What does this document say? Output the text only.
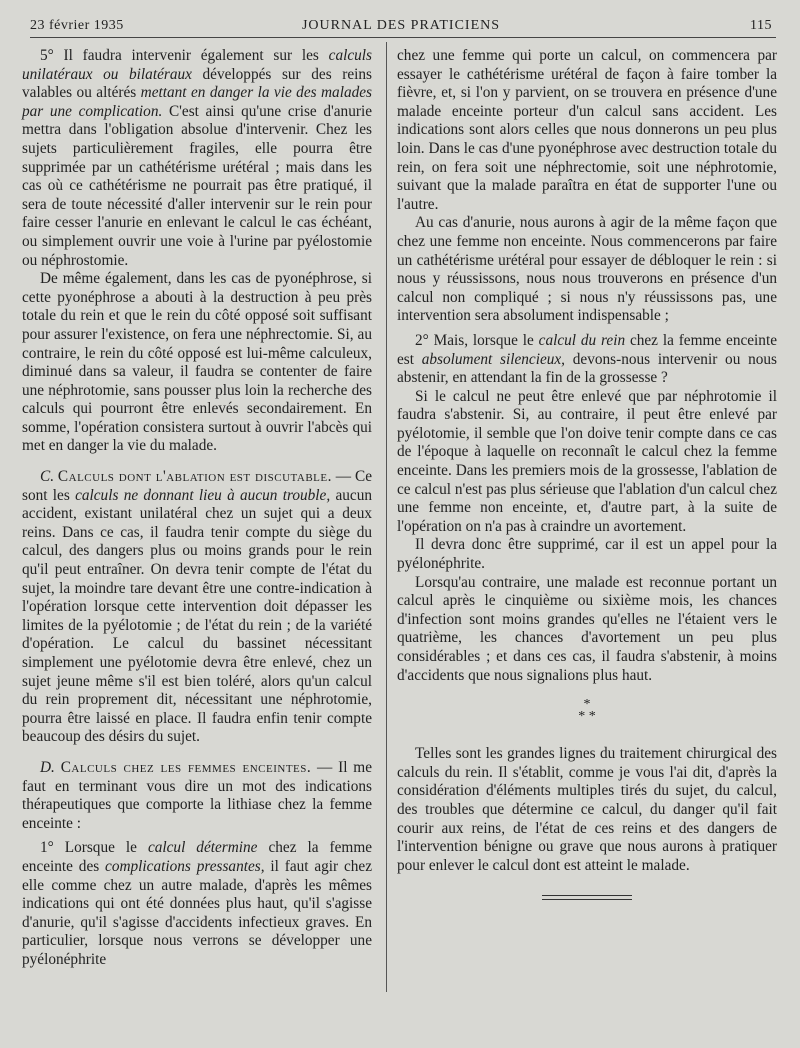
23 février 1935	JOURNAL DES PRATICIENS	115

5° Il faudra intervenir également sur les calculs unilatéraux ou bilatéraux développés sur des reins valables ou altérés mettant en danger la vie des malades par une complication. C'est ainsi qu'une crise d'anurie mettra dans l'obligation absolue d'intervenir. Chez les sujets particulièrement fragiles, elle pourra être supprimée par un cathétérisme urétéral ; mais dans les cas où ce cathétérisme ne pourrait pas être pratiqué, il sera de toute nécessité d'aller intervenir sur le rein pour faire cesser l'anurie en enlevant le calcul le cas échéant, ou simplement ouvrir une voie à l'urine par pyélostomie ou néphrostomie.

De même également, dans les cas de pyonéphrose, si cette pyonéphrose a abouti à la destruction à peu près totale du rein et que le rein du côté opposé soit suffisant pour assurer l'existence, on fera une néphrectomie. Si, au contraire, le rein du côté opposé est lui-même calculeux, diminué dans sa valeur, il faudra se contenter de faire une néphrotomie, sans pousser plus loin la recherche des calculs qui pourront être enlevés secondairement. En somme, l'opération consistera surtout à ouvrir l'abcès qui met en danger la vie du malade.

C. Calculs dont l'ablation est discutable. — Ce sont les calculs ne donnant lieu à aucun trouble, aucun accident, existant unilatéral chez un sujet qui a deux reins. Dans ce cas, il faudra tenir compte du siège du calcul, des dangers plus ou moins grands pour le rein qu'il peut entraîner. On devra tenir compte de l'état du sujet, la moindre tare devant être une contre-indication à l'opération lorsque cette intervention doit dépasser les limites de la pyélotomie ; de l'état du rein ; de la variété d'opération. Le calcul du bassinet nécessitant simplement une pyélotomie devra être enlevé, chez un sujet jeune même s'il est bien toléré, alors qu'un calcul du rein proprement dit, nécessitant une néphrotomie, pourra être laissé en place. Il faudra enfin tenir compte beaucoup des désirs du sujet.

D. Calculs chez les femmes enceintes. — Il me faut en terminant vous dire un mot des indications thérapeutiques que comporte la lithiase chez la femme enceinte :

1° Lorsque le calcul détermine chez la femme enceinte des complications pressantes, il faut agir chez elle comme chez un autre malade, d'après les mêmes indications qui ont été données plus haut, qu'il s'agisse d'anurie, qu'il s'agisse d'accidents infectieux graves. En particulier, lorsque nous verrons se développer une pyélonéphrite

chez une femme qui porte un calcul, on commencera par essayer le cathétérisme urétéral de façon à faire tomber la fièvre, et, si l'on y parvient, on se trouvera en présence d'une malade enceinte porteur d'un calcul sans accident. Les indications sont alors celles que nous donnerons un peu plus loin. Dans le cas d'une pyonéphrose avec destruction totale du rein, on fera soit une néphrectomie, soit une néphrotomie, suivant que la malade paraîtra en état de supporter l'une ou l'autre.

Au cas d'anurie, nous aurons à agir de la même façon que chez une femme non enceinte. Nous commencerons par faire un cathétérisme urétéral pour essayer de débloquer le rein : si nous y réussissons, nous nous trouverons en présence d'un calcul non compliqué ; si nous n'y réussissons pas, une intervention sera absolument indispensable ;

2° Mais, lorsque le calcul du rein chez la femme enceinte est absolument silencieux, devons-nous intervenir ou nous abstenir, en attendant la fin de la grossesse ?

Si le calcul ne peut être enlevé que par néphrotomie il faudra s'abstenir. Si, au contraire, il peut être enlevé par pyélotomie, il semble que l'on doive tenir compte dans ce cas de l'époque à laquelle on reconnaît le calcul chez la femme enceinte. Dans les premiers mois de la grossesse, l'ablation de ce calcul n'est pas plus sérieuse que l'ablation d'un calcul chez une femme non enceinte, et, d'autre part, à la suite de l'opération on n'a pas à craindre un avortement.

Il devra donc être supprimé, car il est un appel pour la pyélonéphrite.

Lorsqu'au contraire, une malade est reconnue portant un calcul après le cinquième ou sixième mois, les chances d'infection sont moins grandes qu'elles ne l'étaient vers le quatrième, les chances d'avortement un peu plus considérables ; et dans ces cas, il faudra s'abstenir, à moins d'accidents que nous signalions plus haut.

*
* *

Telles sont les grandes lignes du traitement chirurgical des calculs du rein. Il s'établit, comme je vous l'ai dit, d'après la considération d'éléments multiples tirés du sujet, du calcul, des troubles que détermine ce calcul, du danger qu'il fait courir aux reins, de l'état de ces reins et des dangers de l'intervention bénigne ou grave que nous aurons à pratiquer pour enlever le calcul dont est atteint le malade.
